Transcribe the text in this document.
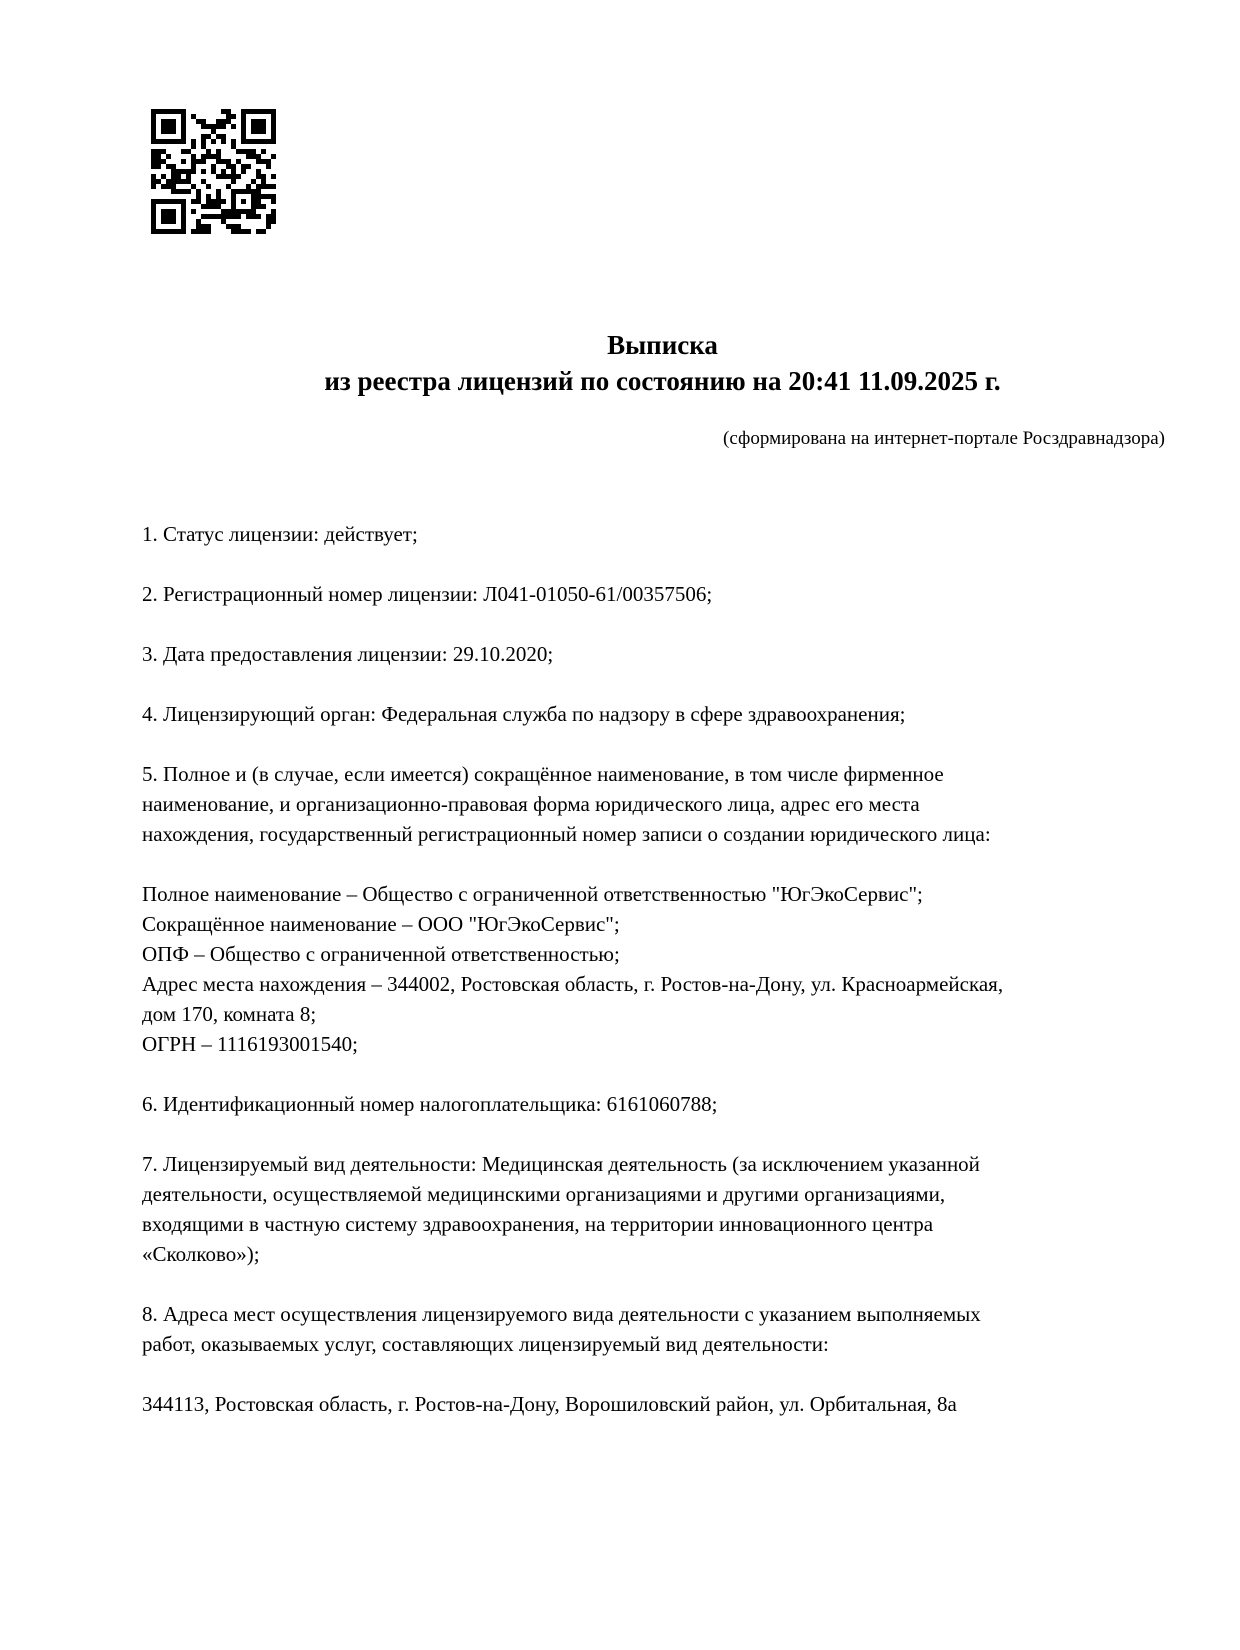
Выписка
из реестра лицензий по состоянию на 20:41 11.09.2025 г.
(сформирована на интернет-портале Росздравнадзора)
1. Статус лицензии: действует;
2. Регистрационный номер лицензии: Л041-01050-61/00357506;
3. Дата предоставления лицензии: 29.10.2020;
4. Лицензирующий орган: Федеральная служба по надзору в сфере здравоохранения;
5. Полное и (в случае, если имеется) сокращённое наименование, в том числе фирменное
наименование, и организационно-правовая форма юридического лица, адрес его места
нахождения, государственный регистрационный номер записи о создании юридического лица:
Полное наименование – Общество с ограниченной ответственностью "ЮгЭкоСервис";
Сокращённое наименование – ООО "ЮгЭкоСервис";
ОПФ – Общество с ограниченной ответственностью;
Адрес места нахождения – 344002, Ростовская область, г. Ростов-на-Дону, ул. Красноармейская,
дом 170, комната 8;
ОГРН – 1116193001540;
6. Идентификационный номер налогоплательщика: 6161060788;
7. Лицензируемый вид деятельности: Медицинская деятельность (за исключением указанной
деятельности, осуществляемой медицинскими организациями и другими организациями,
входящими в частную систему здравоохранения, на территории инновационного центра
«Сколково»);
8. Адреса мест осуществления лицензируемого вида деятельности с указанием выполняемых
работ, оказываемых услуг, составляющих лицензируемый вид деятельности:
344113, Ростовская область, г. Ростов-на-Дону, Ворошиловский район, ул. Орбитальная, 8а
